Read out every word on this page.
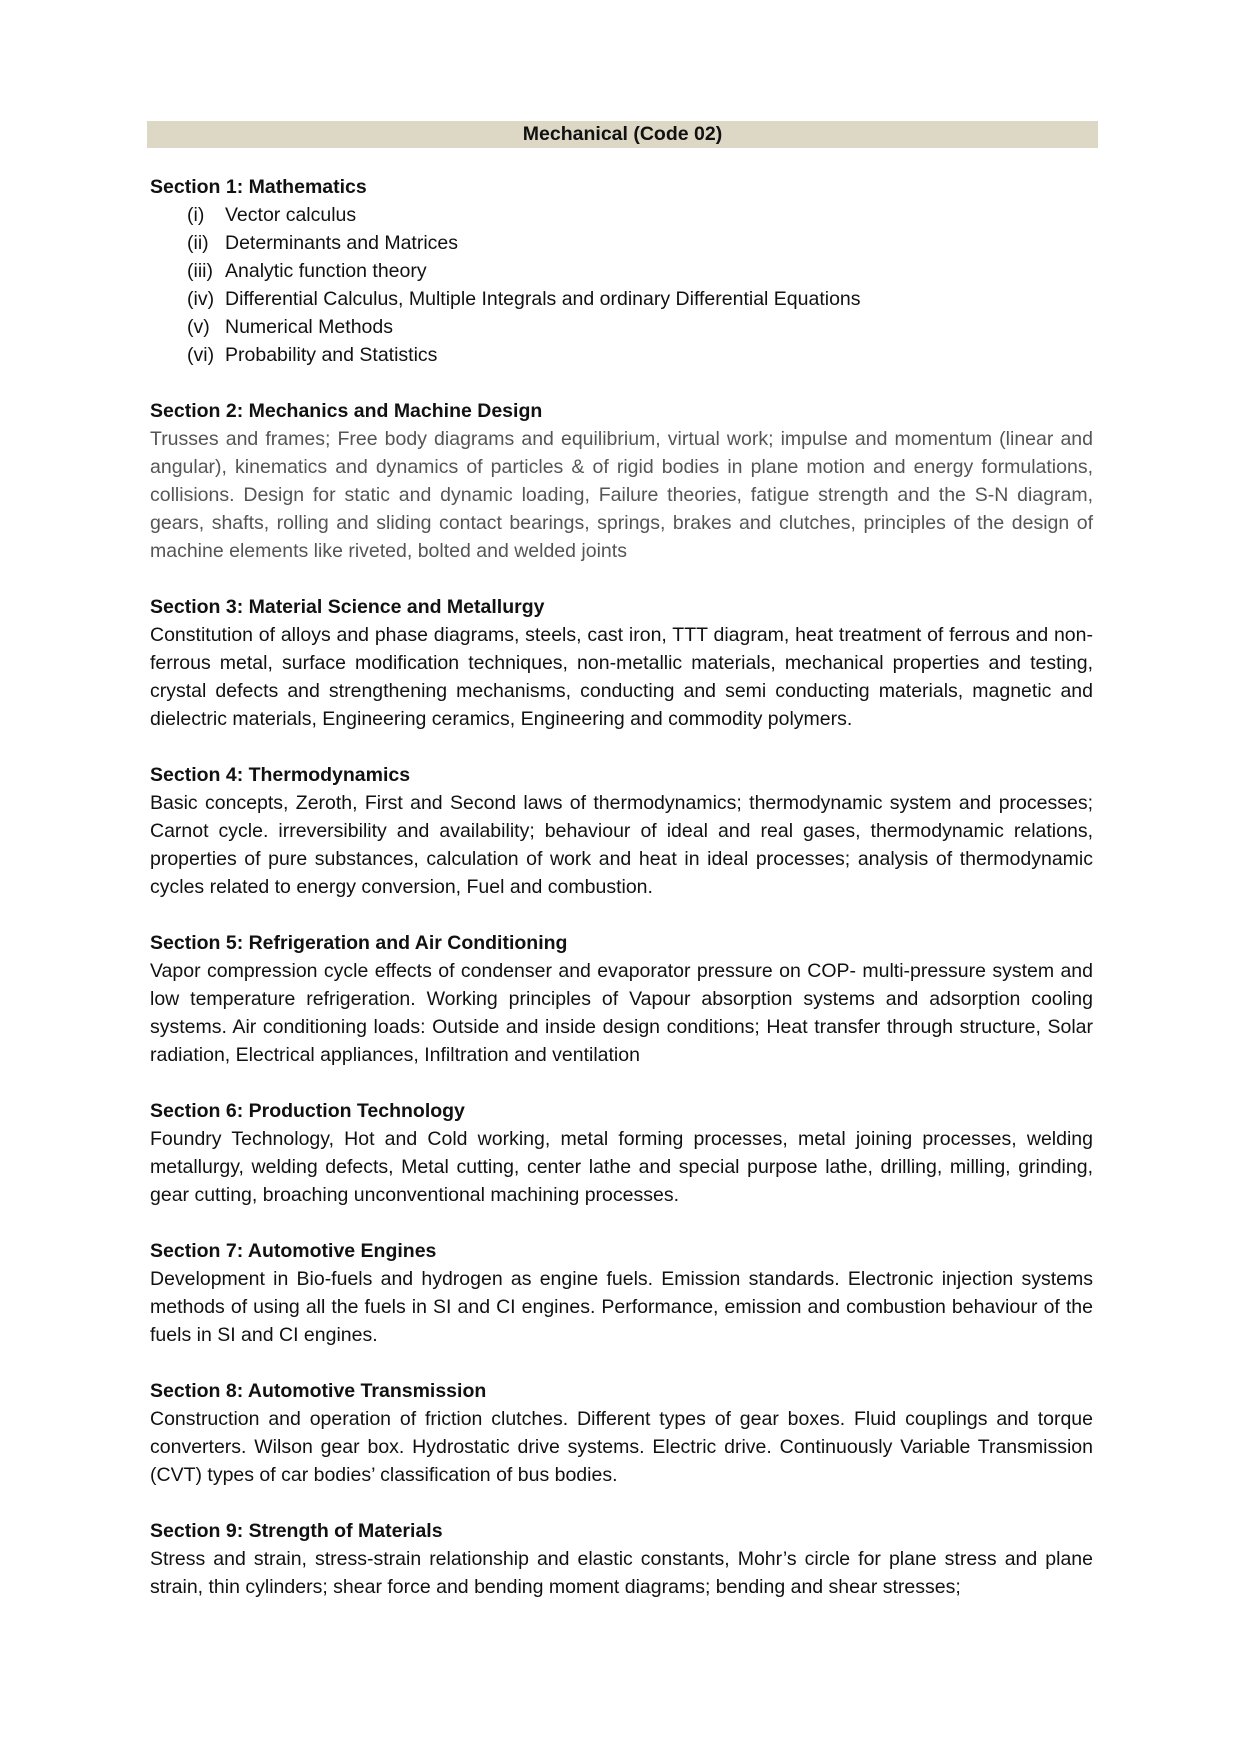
Mechanical (Code 02)

Section 1: Mathematics

(i)	Vector calculus
(ii) Determinants and Matrices
(iii) Analytic function theory
(iv) Differential Calculus, Multiple Integrals and ordinary Differential Equations
(v) Numerical Methods
(vi) Probability and Statistics

Section 2: Mechanics and Machine Design

Trusses and frames; Free body diagrams and equilibrium, virtual work; impulse and momentum (linear and angular), kinematics and dynamics of particles & of rigid bodies in plane motion and energy formulations, collisions. Design for static and dynamic loading, Failure theories, fatigue strength and the S-N diagram, gears, shafts, rolling and sliding contact bearings, springs, brakes and clutches, principles of the design of machine elements like riveted, bolted and welded joints

Section 3: Material Science and Metallurgy

Constitution of alloys and phase diagrams, steels, cast iron, TTT diagram, heat treatment of ferrous and non-ferrous metal, surface modification techniques, non-metallic materials, mechanical properties and testing, crystal defects and strengthening mechanisms, conducting and semi conducting materials, magnetic and dielectric materials, Engineering ceramics, Engineering and commodity polymers.

Section 4: Thermodynamics

Basic concepts, Zeroth, First and Second laws of thermodynamics; thermodynamic system and processes; Carnot cycle. irreversibility and availability; behaviour of ideal and real gases, thermodynamic relations, properties of pure substances, calculation of work and heat in ideal processes; analysis of thermodynamic cycles related to energy conversion, Fuel and combustion.

Section 5: Refrigeration and Air Conditioning

Vapor compression cycle effects of condenser and evaporator pressure on COP- multi-pressure system and low temperature refrigeration. Working principles of Vapour absorption systems and adsorption cooling systems. Air conditioning loads: Outside and inside design conditions; Heat transfer through structure, Solar radiation, Electrical appliances, Infiltration and ventilation

Section 6: Production Technology

Foundry Technology, Hot and Cold working, metal forming processes, metal joining processes, welding metallurgy, welding defects, Metal cutting, center lathe and special purpose lathe, drilling, milling, grinding, gear cutting, broaching unconventional machining processes.

Section 7: Automotive Engines

Development in Bio-fuels and hydrogen as engine fuels. Emission standards. Electronic injection systems methods of using all the fuels in SI and CI engines. Performance, emission and combustion behaviour of the fuels in SI and CI engines.

Section 8: Automotive Transmission

Construction and operation of friction clutches. Different types of gear boxes. Fluid couplings and torque converters. Wilson gear box. Hydrostatic drive systems. Electric drive. Continuously Variable Transmission (CVT) types of car bodies’ classification of bus bodies.

Section 9: Strength of Materials

Stress and strain, stress-strain relationship and elastic constants, Mohr’s circle for plane stress and plane strain, thin cylinders; shear force and bending moment diagrams; bending and shear stresses;
